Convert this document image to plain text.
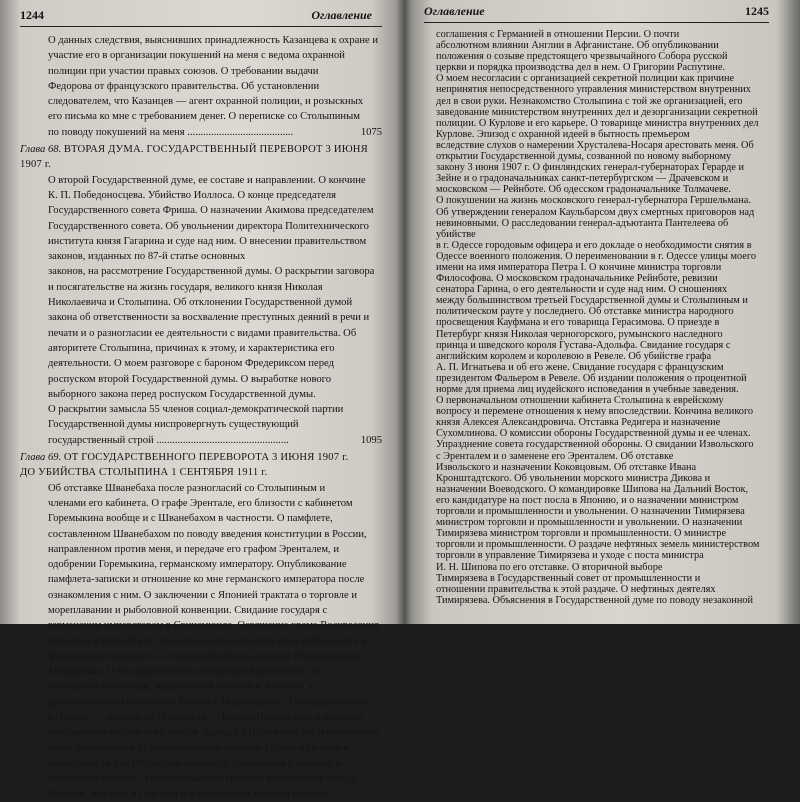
1244	Оглавление

О данных следствия, выяснивших принадлежность Казанцева к охране и

участие его в организации покушений на меня с ведома охранной

полиции при участии правых союзов. О требовании выдачи

Федорова от французского правительства. Об установлении

следователем, что Казанцев — агент охранной полиции, и розыскных

его письма ко мне с требованием денег. О переписке со Столыпиным

по поводу покушений на меня ........................................	1075

Глава 68. ВТОРАЯ ДУМА. ГОСУДАРСТВЕННЫЙ ПЕРЕВОРОТ 3 ИЮНЯ 1907 г.

О второй Государственной думе, ее составе и направлении. О кончине

К. П. Победоносцева. Убийство Иоллоса. О конце председателя

Государственного совета Фриша. О назначении Акимова председателем

Государственного совета. Об увольнении директора Политехнического

института князя Гагарина и суде над ним. О внесении правительством

законов, изданных по 87-й статье основных

законов, на рассмотрение Государственной думы. О раскрытии заговора

и посягательстве на жизнь государя, великого князя Николая

Николаевича и Столыпина. Об отклонении Государственной думой

закона об ответственности за восхваление преступных деяний в речи и

печати и о разногласии ее деятельности с видами правительства. Об

авторитете Столыпина, причинах к этому, и характеристика его

деятельности. О моем разговоре с бароном Фредериксом перед

роспуском второй Государственной думы. О выработке нового

выборного закона перед роспуском Государственной думы.

О раскрытии замысла 55 членов социал-демократической партии

Государственной думы ниспровергнуть существующий

государственный строй ..................................................	1095

Глава 69. ОТ ГОСУДАРСТВЕННОГО ПЕРЕВОРОТА 3 ИЮНЯ 1907 г.

ДО УБИЙСТВА СТОЛЫПИНА 1 СЕНТЯБРЯ 1911 г.

Об отставке Шванебаха после разногласий со Столыпиным и

членами его кабинета. О графе Эрентале, его близости с кабинетом

Горемыкина вообще и с Шванебахом в частности. О памфлете,

составленном Шванебахом по поводу введения конституции в России,

направленном против меня, и передаче его графом Эренталем, и

одобрении Горемыкина, германскому императору. Опубликование

памфлета-записки и отношение ко мне германского императора после

ознакомления с ним. О заключении с Японией трактата о торговле и

мореплавании и рыболовной конвенции. Свидание государя с

германским императором в Свинемюнде. Освящение храма Воскресения

Христова в Петербурге. Об аварии императорской яхты «Штандарт» в

финляндских шхерах и о ее командире флаг-капитане Нилове и князе

Мещерском. О государственном контролере Харитонове. Об

отношении конвенции, заключенной Россией и Японией, к

действительного положения России в Маньчжурии. О посещении меня

в Париже — по пути из Портсмута — Козелл-Поклевским и передаче

приглашения английского короля Эдуарда VII посетить его и отклонении

этого приглашения. О доминирующем влиянии России в Персии и

невыгодности для России заключенного соглашения с Англией в

отношении Персии. О вмешательстве Германии в отношения между

Россией, Англией и Персией и о заключении Россией особого

Оглавление	1245

соглашения с Германией в отношении Персии. О почти

абсолютном влиянии Англии в Афганистане. Об опубликовании

положения о созыве предстоящего чрезвычайного Собора русской

церкви и порядка производства дел в нем. О Григории Распутине.

О моем несогласии с организацией секретной полиции как причине

непринятия непосредственного управления министерством внутренних

дел в свои руки. Незнакомство Столыпина с той же организацией, его

заведование министерством внутренних дел и дезорганизации секретной

полиции. О Курлове и его карьере. О товарище министра внутренних дел

Курлове. Эпизод с охранной идеей в бытность премьером

вследствие слухов о намерении Хрусталева-Носаря арестовать меня. Об

открытии Государственной думы, созванной по новому выборному

закону 3 июня 1907 г. О финляндских генерал-губернаторах Герарде и

Зейне и о градоначальниках санкт-петербургском — Драчевском и

московском — Рейнботе. Об одесском градоначальнике Толмачеве.

О покушении на жизнь московского генерал-губернатора Гершельмана.

Об утверждении генералом Каульбарсом двух смертных приговоров над

невиновными. О расследовании генерал-адъютанта Пантелеева об убийстве

в г. Одессе городовым офицера и его докладе о необходимости снятия в

Одессе военного положения. О переименовании в г. Одессе улицы моего

имени на имя императора Петра I. О кончине министра торговли

Философова. О московском градоначальнике Рейнботе, ревизии

сенатора Гарина, о его деятельности и суде над ним. О сношениях

между большинством третьей Государственной думы и Столыпиным и

политическом рауте у последнего. Об отставке министра народного

просвещения Кауфмана и его товарища Герасимова. О приезде в

Петербург князя Николая черногорского, румынского наследного

принца и шведского короля Густава-Адольфа. Свидание государя с

английским королем и королевою в Ревеле. Об убийстве графа

А. П. Игнатьева и об его жене. Свидание государя с французским

президентом Фальером в Ревеле. Об издании положения о процентной

норме для приема лиц иудейского исповедания в учебные заведения.

О первоначальном отношении кабинета Столыпина к еврейскому

вопросу и перемене отношения к нему впоследствии. Кончина великого

князя Алексея Александровича. Отставка Редигера и назначение

Сухомлинова. О комиссии обороны Государственной думы и ее членах.

Упразднение совета государственной обороны. О свидании Извольского

с Эренталем и о заменене его Эренталем. Об отставке

Извольского и назначении Коковцовым. Об отставке Ивана

Кронштадтского. Об увольнении морского министра Дикова и

назначении Воеводского. О командировке Шипова на Дальний Восток,

его кандидатуре на пост посла в Японию, и о назначении министром

торговли и промышленности и увольнении. О назначении Тимирязева

министром торговли и промышленности и увольнении. О назначении

Тимирязева министром торговли и промышленности. О министре

торговли и промышленности. О раздаче нефтяных земель министерством

торговли в управление Тимирязева и уходе с поста министра

И. Н. Шипова по его отставке. О вторичной выборе

Тимирязева в Государственный совет от промышленности и

отношении правительства к этой раздаче. О нефтяных деятелях

Тимирязева. Объяснения в Государственной думе по поводу незаконной
